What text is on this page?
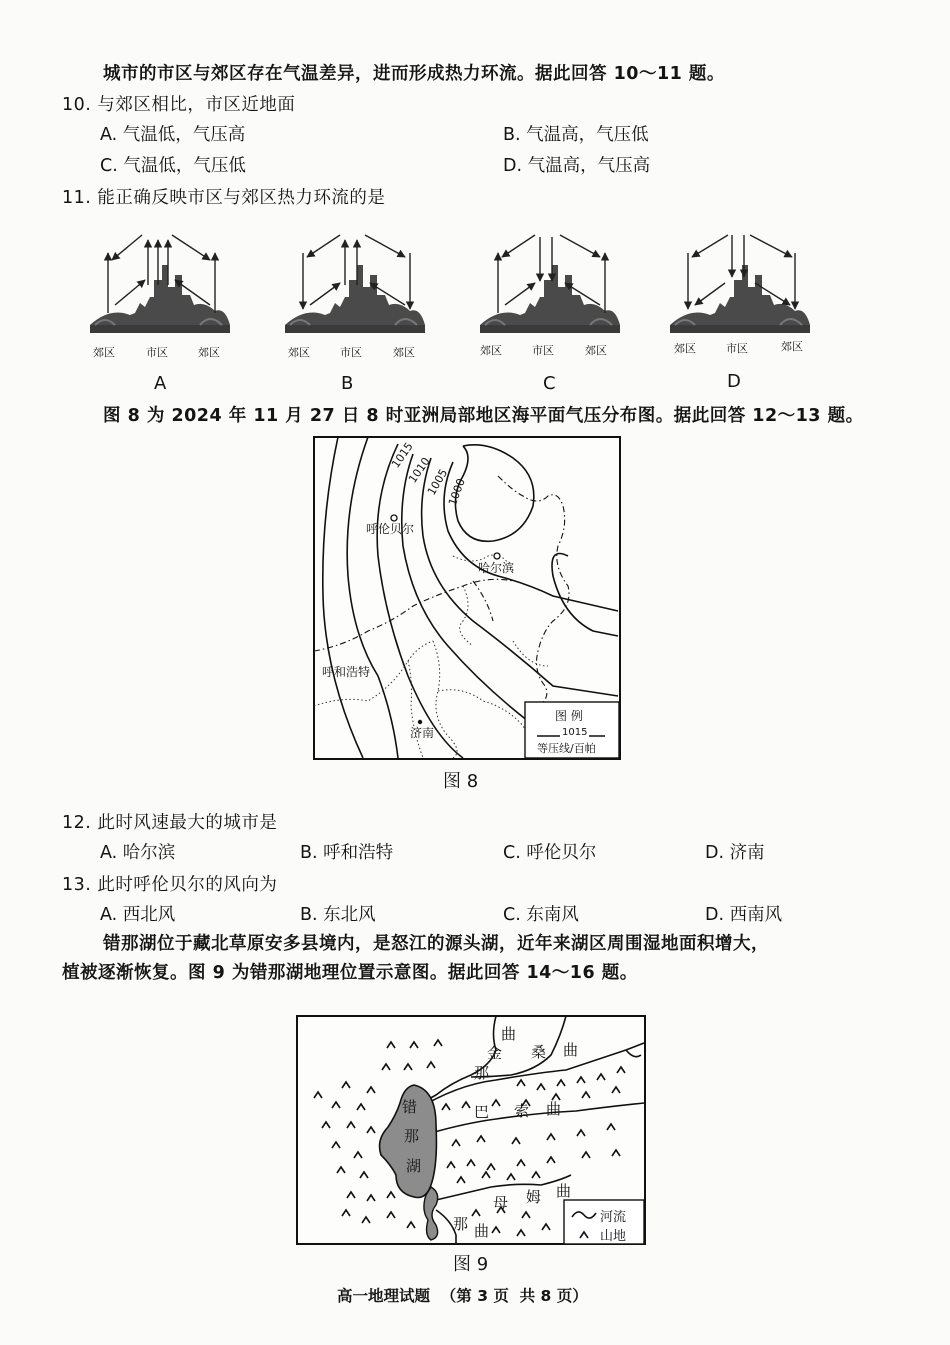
城市的市区与郊区存在气温差异，进而形成热力环流。据此回答 10～11 题。
10. 与郊区相比，市区近地面
A. 气温低，气压高	B. 气温高，气压低
C. 气温低，气压低	D. 气温高，气压高
11. 能正确反映市区与郊区热力环流的是
郊区	市区	郊区
A
郊区	市区	郊区
B
郊区	市区	郊区
C
郊区	市区	郊区
D
图 8 为 2024 年 11 月 27 日 8 时亚洲局部地区海平面气压分布图。据此回答 12～13 题。
1015
1010
1005
1000
呼伦贝尔
哈尔滨
呼和浩特
济南
图 例
1015
等压线/百帕
图 8
12. 此时风速最大的城市是
A. 哈尔滨	B. 呼和浩特	C. 呼伦贝尔	D. 济南
13. 此时呼伦贝尔的风向为
A. 西北风	B. 东北风	C. 东南风	D. 西南风
错那湖位于藏北草原安多县境内，是怒江的源头湖，近年来湖区周围湿地面积增大，
植被逐渐恢复。图 9 为错那湖地理位置示意图。据此回答 14～16 题。
曲
金
那
桑 曲
巴 索 曲
错
那
湖
母 姆 曲
那 曲
河流
山地
图 9
高一地理试题  （第 3 页  共 8 页）
